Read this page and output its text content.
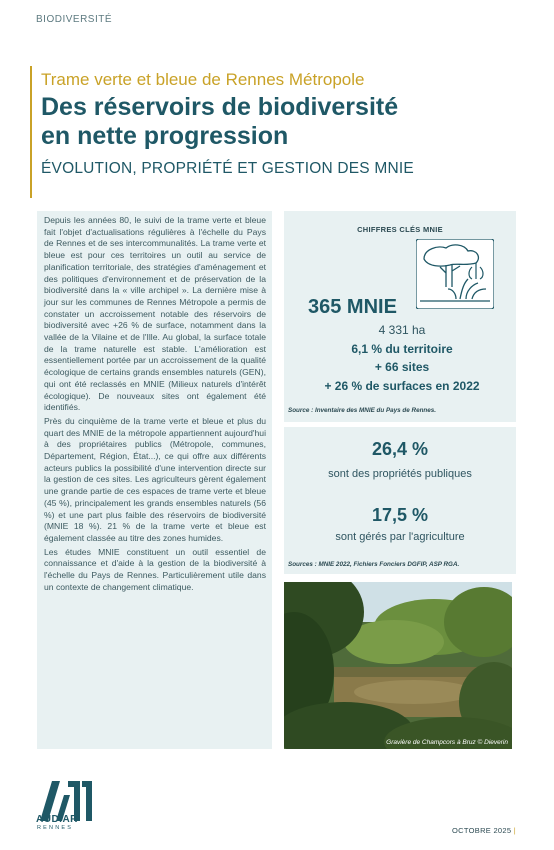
BIODIVERSITÉ
Trame verte et bleue de Rennes Métropole
Des réservoirs de biodiversité
en nette progression
ÉVOLUTION, PROPRIÉTÉ ET GESTION DES MNIE

Depuis les années 80, le suivi de la trame verte et bleue fait l'objet d'actualisations régulières à l'échelle du Pays de Rennes et de ses intercommunalités. La trame verte et bleue est pour ces territoires un outil au service de planification territoriale, des stratégies d'aménagement et des politiques d'environnement et de préservation de la biodiversité dans la « ville archipel ». La dernière mise à jour sur les communes de Rennes Métropole a permis de constater un accroissement notable des réservoirs de biodiversité avec +26 % de surface, notamment dans la vallée de la Vilaine et de l'Ille. Au global, la surface totale de la trame naturelle est stable. L'amélioration est essentiellement portée par un accroissement de la qualité écologique de certains grands ensembles naturels (GEN), qui ont été reclassés en MNIE (Milieux naturels d'intérêt écologique). De nouveaux sites ont également été identifiés.

Près du cinquième de la trame verte et bleue et plus du quart des MNIE de la métropole appartiennent aujourd'hui à des propriétaires publics (Métropole, communes, Département, Région, État...), ce qui offre aux différents acteurs publics la possibilité d'une intervention directe sur la gestion de ces sites. Les agriculteurs gèrent également une grande partie de ces espaces de trame verte et bleue (45 %), principalement les grands ensembles naturels (56 %) et une part plus faible des réservoirs de biodiversité (MNIE 18 %). 21 % de la trame verte et bleue est également classée au titre des zones humides.

Les études MNIE constituent un outil essentiel de connaissance et d'aide à la gestion de la biodiversité à l'échelle du Pays de Rennes. Particulièrement utile dans un contexte de changement climatique.

CHIFFRES CLÉS MNIE
365 MNIE
4 331 ha
6,1 % du territoire
+ 66 sites
+ 26 % de surfaces en 2022
Source : Inventaire des MNIE du Pays de Rennes.
26,4 %
sont des propriétés publiques
17,5 %
sont gérés par l'agriculture
Sources : MNIE 2022, Fichiers Fonciers DGFIP, ASP RGA.
Gravière de Champcors à Bruz © Dieverin
AUDIAR
RENNES	OCTOBRE 2025 |
